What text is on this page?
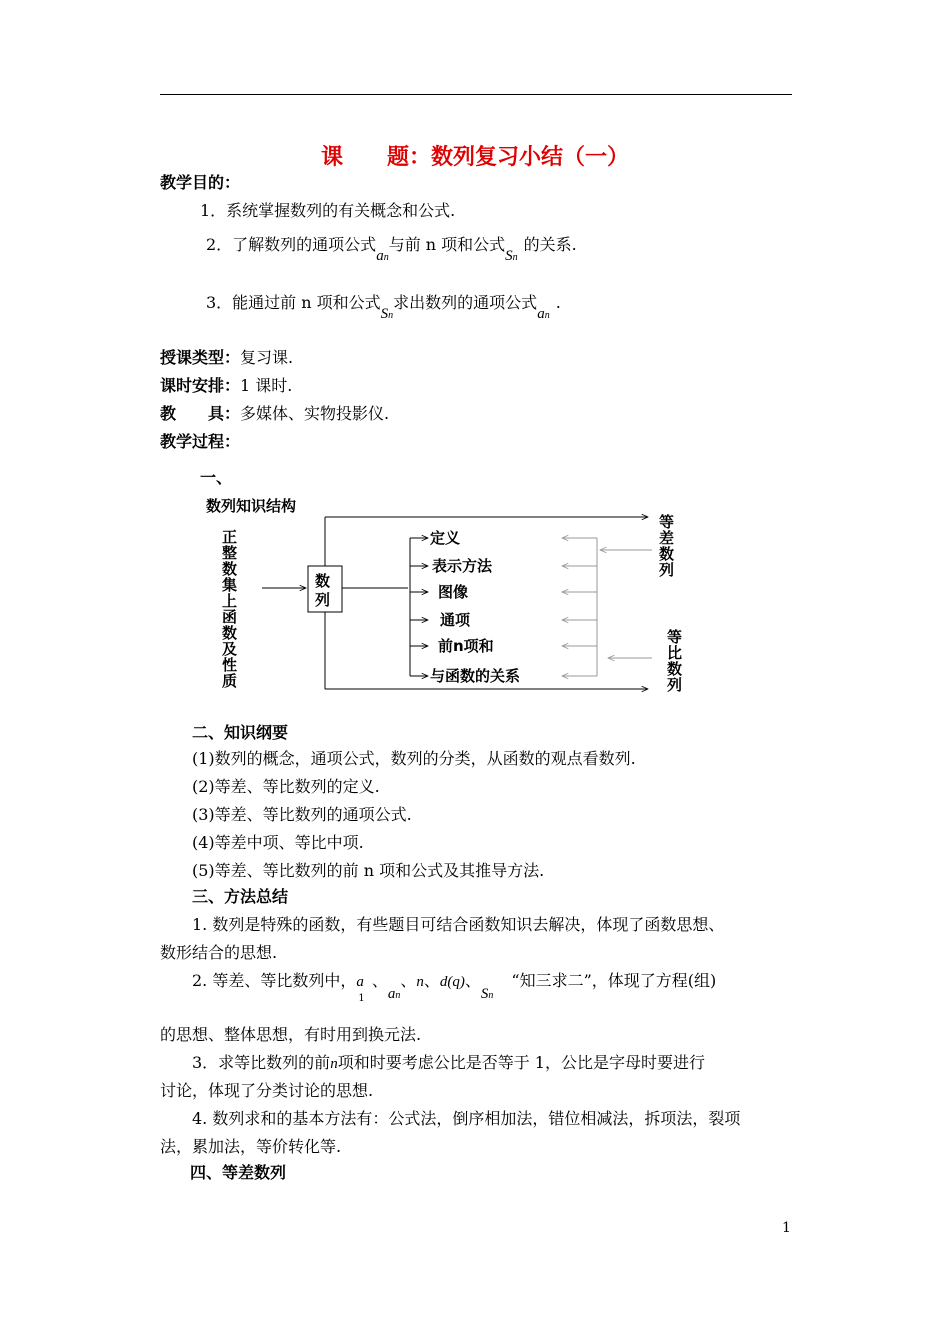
课　　题：数列复习小结（一）
教学目的：
1．系统掌握数列的有关概念和公式.
2．了解数列的通项公式an与前 n 项和公式Sn的关系.
3．能通过前 n 项和公式Sn求出数列的通项公式an.
授课类型：复习课.
课时安排：1 课时.
教　　具：多媒体、实物投影仪.
教学过程：
一、
数列知识结构
正
整
数
集
上
函
数
及
性
质
数
列
定义
表示方法
图像
通项
前n项和
与函数的关系
等
差
数
列
等
比
数
列
二、知识纲要
(1)数列的概念，通项公式，数列的分类，从函数的观点看数列.
(2)等差、等比数列的定义.
(3)等差、等比数列的通项公式.
(4)等差中项、等比中项.
(5)等差、等比数列的前 n 项和公式及其推导方法.
三、方法总结
1. 数列是特殊的函数，有些题目可结合函数知识去解决，体现了函数思想、
数形结合的思想.
2. 等差、等比数列中，a
1
、an、n、d(q)、Sn“知三求二”，体现了方程(组)
的思想、整体思想，有时用到换元法.
3．求等比数列的前n项和时要考虑公比是否等于 1，公比是字母时要进行
讨论，体现了分类讨论的思想.
4. 数列求和的基本方法有：公式法，倒序相加法，错位相减法，拆项法，裂项
法，累加法，等价转化等.
四、等差数列
1
